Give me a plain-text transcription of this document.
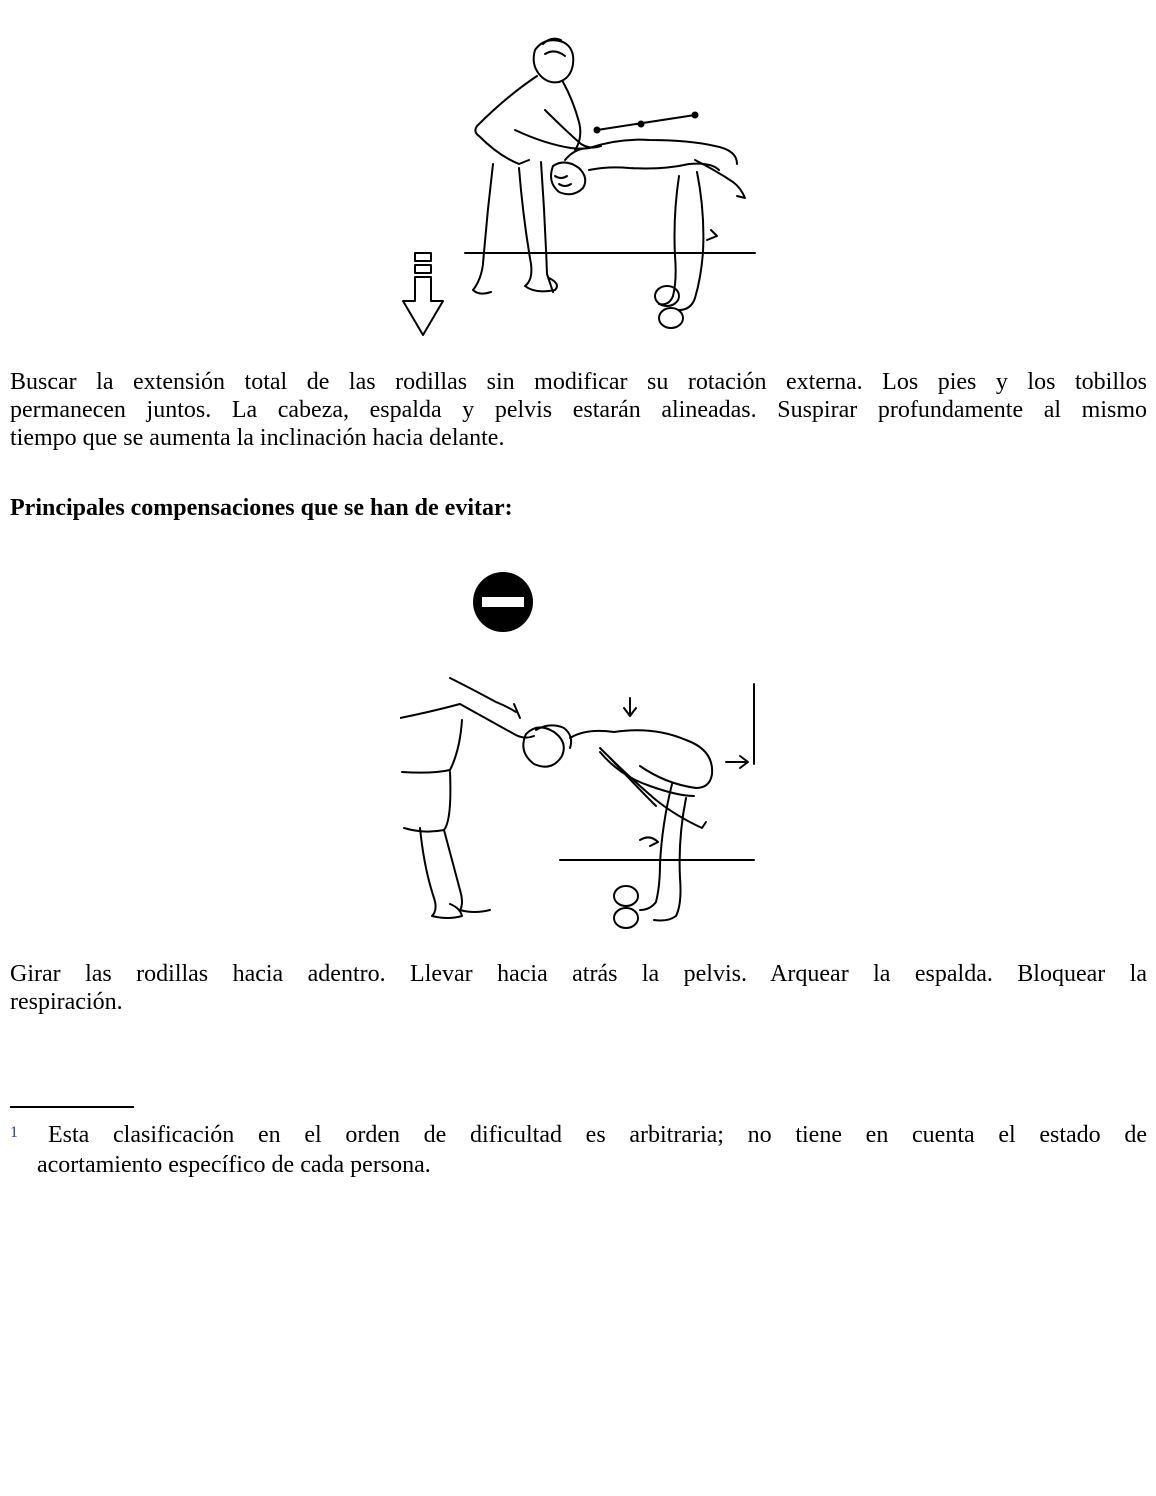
Buscar la extensión total de las rodillas sin modificar su rotación externa. Los pies y los tobillos
permanecen juntos. La cabeza, espalda y pelvis estarán alineadas. Suspirar profundamente al mismo
tiempo que se aumenta la inclinación hacia delante.

Principales compensaciones que se han de evitar:

Girar las rodillas hacia adentro. Llevar hacia atrás la pelvis. Arquear la espalda. Bloquear la
respiración.

$^1$ Esta clasificación en el orden de dificultad es arbitraria; no tiene en cuenta el estado de
acortamiento específico de cada persona.
